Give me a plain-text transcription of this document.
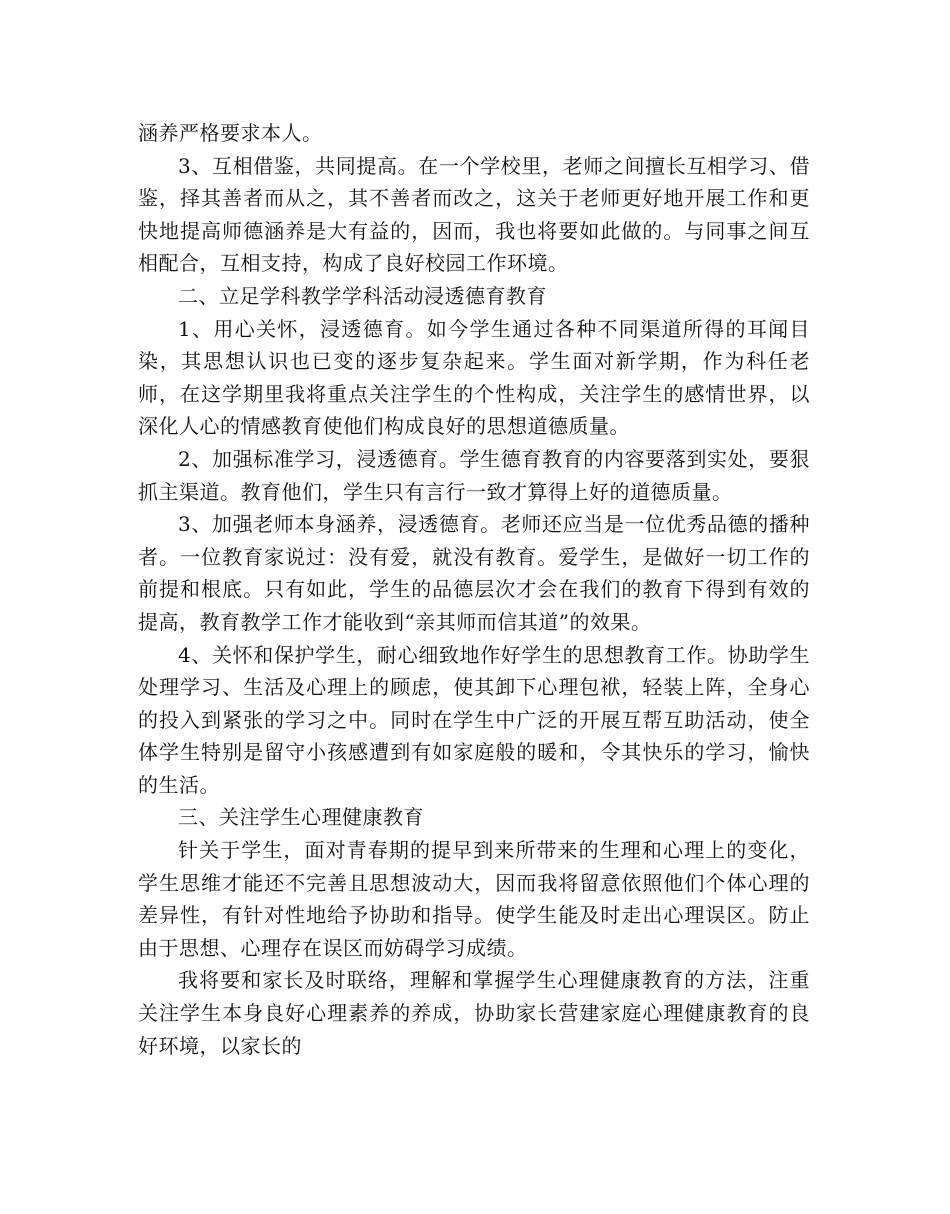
涵养严格要求本人。

3、互相借鉴，共同提高。在一个学校里，老师之间擅长互相学习、借鉴，择其善者而从之，其不善者而改之，这关于老师更好地开展工作和更快地提高师德涵养是大有益的，因而，我也将要如此做的。与同事之间互相配合，互相支持，构成了良好校园工作环境。

二、立足学科教学学科活动浸透德育教育

1、用心关怀，浸透德育。如今学生通过各种不同渠道所得的耳闻目染，其思想认识也已变的逐步复杂起来。学生面对新学期，作为科任老师，在这学期里我将重点关注学生的个性构成，关注学生的感情世界，以深化人心的情感教育使他们构成良好的思想道德质量。

2、加强标准学习，浸透德育。学生德育教育的内容要落到实处，要狠抓主渠道。教育他们，学生只有言行一致才算得上好的道德质量。

3、加强老师本身涵养，浸透德育。老师还应当是一位优秀品德的播种者。一位教育家说过：没有爱，就没有教育。爱学生，是做好一切工作的前提和根底。只有如此，学生的品德层次才会在我们的教育下得到有效的提高，教育教学工作才能收到“亲其师而信其道”的效果。

4、关怀和保护学生，耐心细致地作好学生的思想教育工作。协助学生处理学习、生活及心理上的顾虑，使其卸下心理包袱，轻装上阵，全身心的投入到紧张的学习之中。同时在学生中广泛的开展互帮互助活动，使全体学生特别是留守小孩感遭到有如家庭般的暖和，令其快乐的学习，愉快的生活。

三、关注学生心理健康教育

针关于学生，面对青春期的提早到来所带来的生理和心理上的变化，学生思维才能还不完善且思想波动大，因而我将留意依照他们个体心理的差异性，有针对性地给予协助和指导。使学生能及时走出心理误区。防止由于思想、心理存在误区而妨碍学习成绩。

我将要和家长及时联络，理解和掌握学生心理健康教育的方法，注重关注学生本身良好心理素养的养成，协助家长营建家庭心理健康教育的良好环境，以家长的
